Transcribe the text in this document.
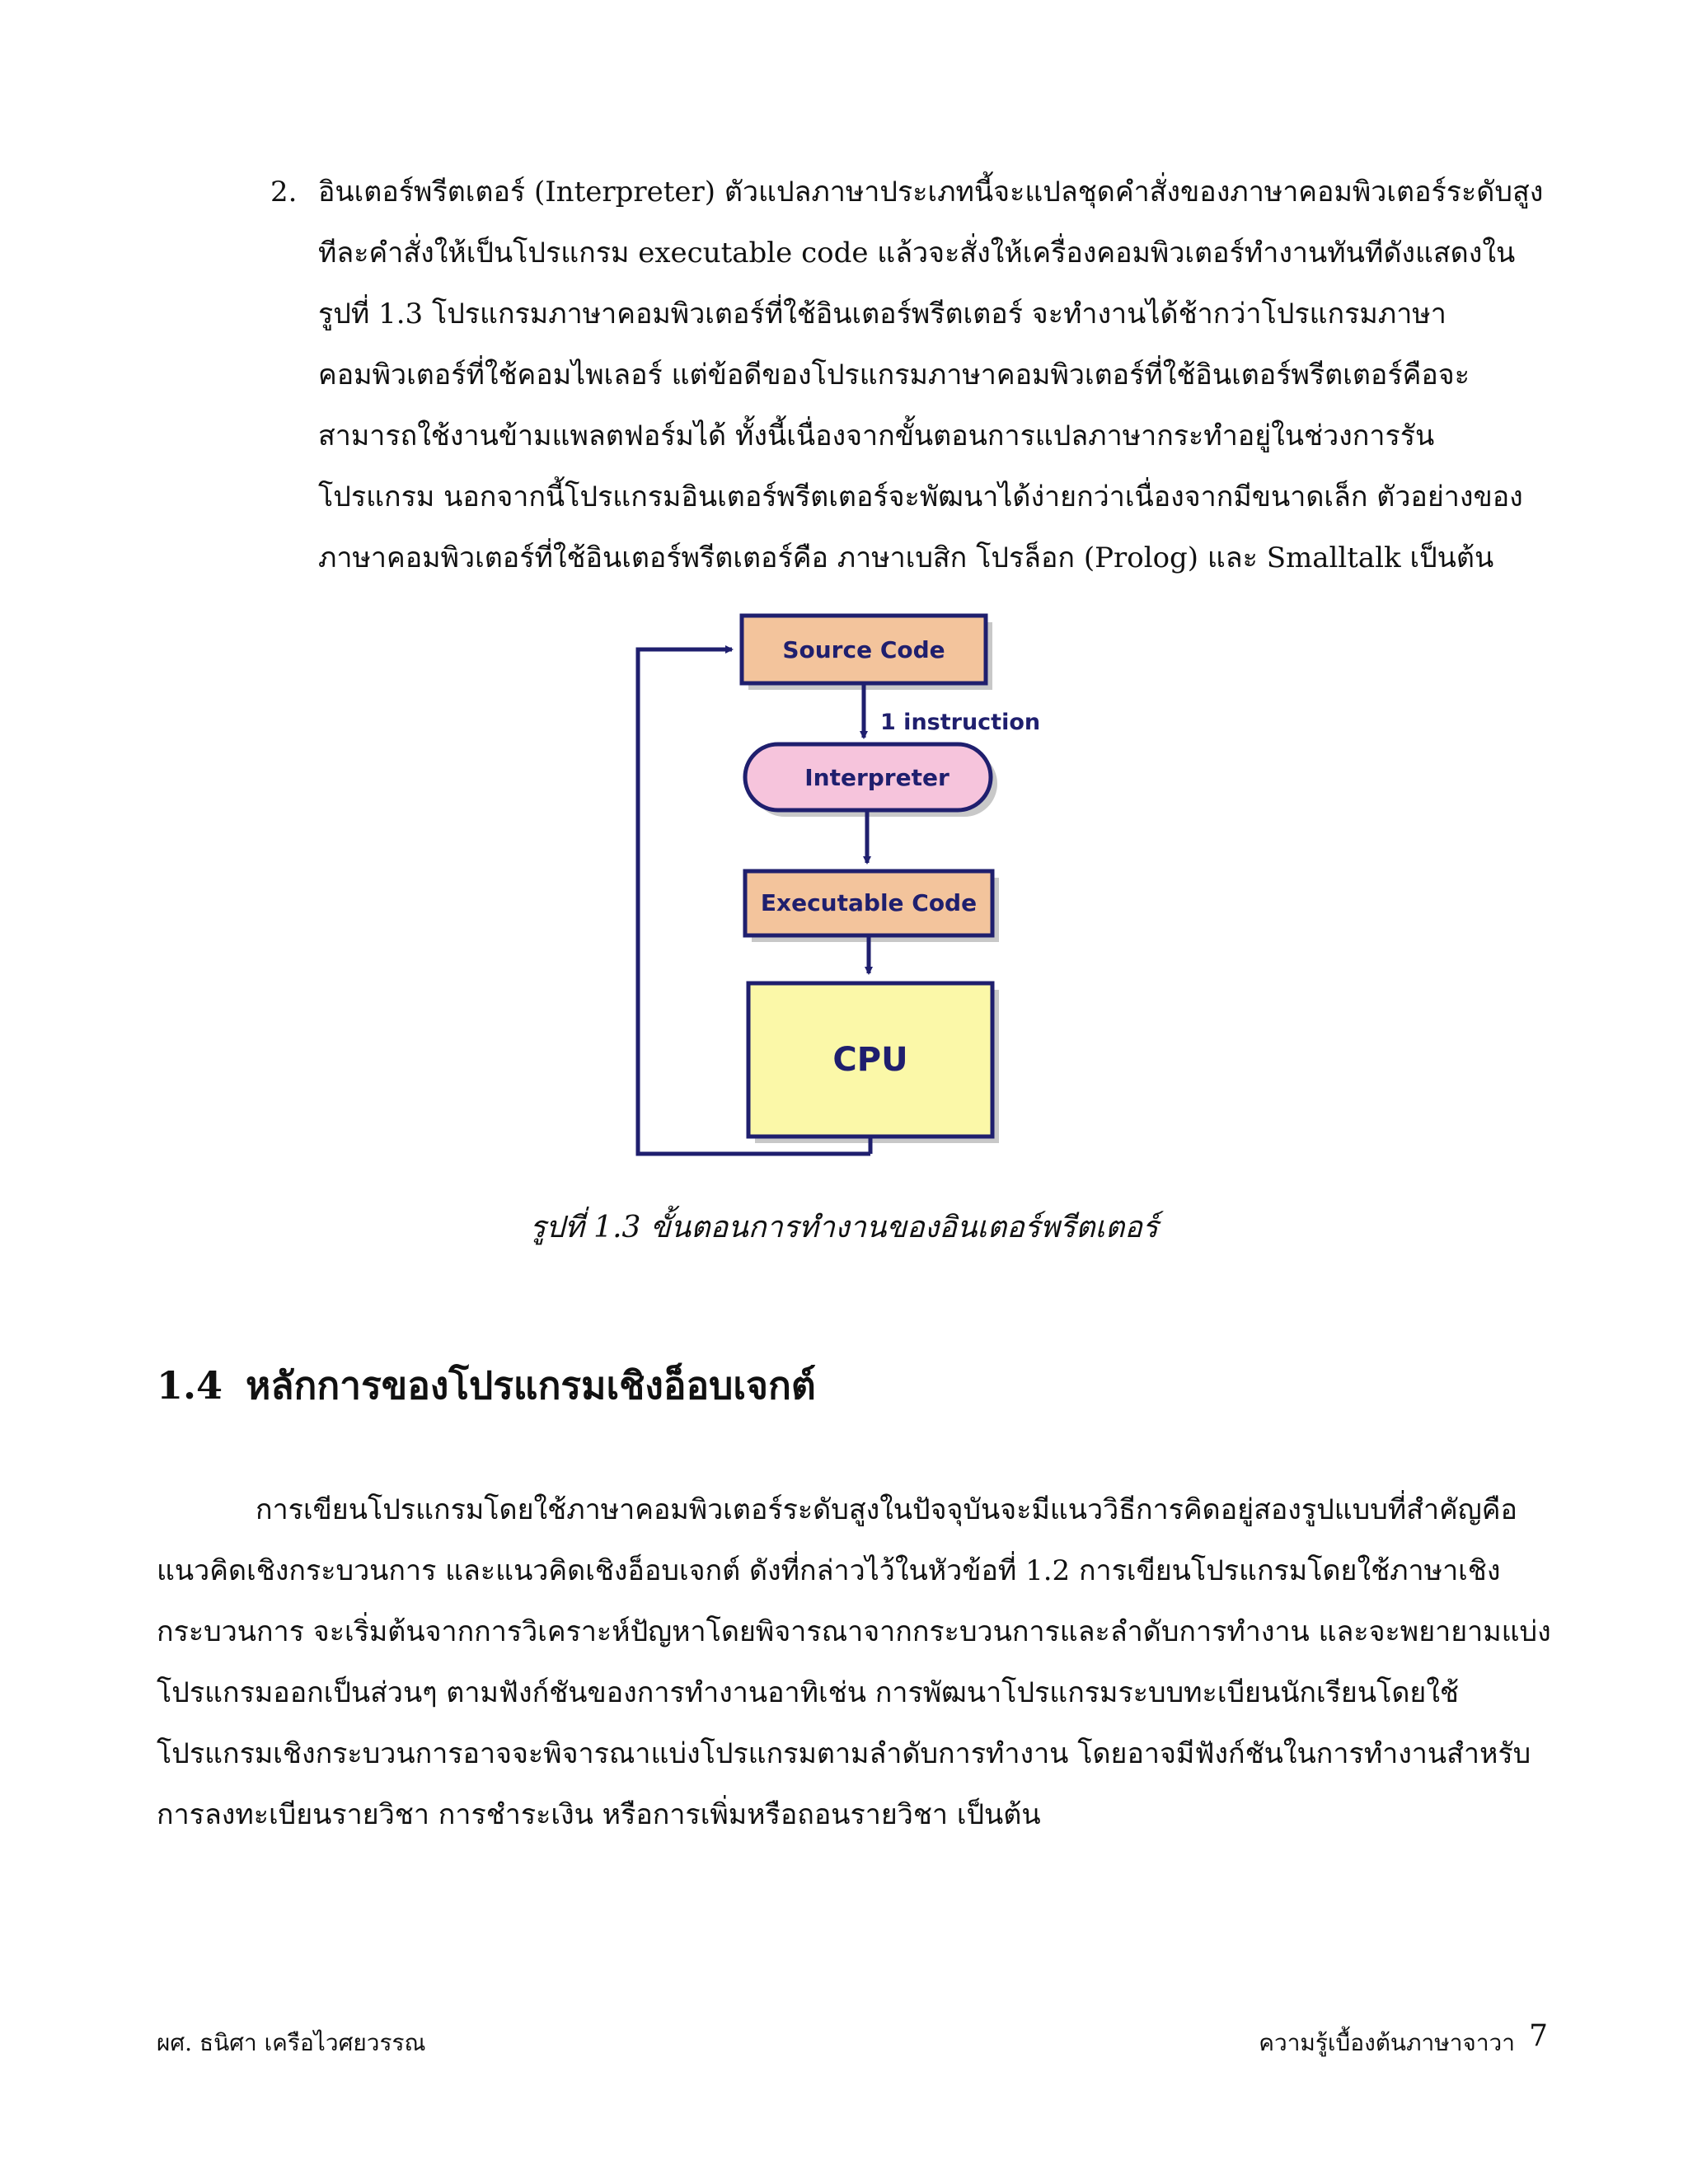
2. อินเตอร์พรีตเตอร์ (Interpreter) ตัวแปลภาษาประเภทนี้จะแปลชุดคำสั่งของภาษาคอมพิวเตอร์ระดับสูง
ทีละคำสั่งให้เป็นโปรแกรม executable code แล้วจะสั่งให้เครื่องคอมพิวเตอร์ทำงานทันทีดังแสดงใน
รูปที่ 1.3 โปรแกรมภาษาคอมพิวเตอร์ที่ใช้อินเตอร์พรีตเตอร์ จะทำงานได้ช้ากว่าโปรแกรมภาษา
คอมพิวเตอร์ที่ใช้คอมไพเลอร์ แต่ข้อดีของโปรแกรมภาษาคอมพิวเตอร์ที่ใช้อินเตอร์พรีตเตอร์คือจะ
สามารถใช้งานข้ามแพลตฟอร์มได้ ทั้งนี้เนื่องจากขั้นตอนการแปลภาษากระทำอยู่ในช่วงการรัน
โปรแกรม นอกจากนี้โปรแกรมอินเตอร์พรีตเตอร์จะพัฒนาได้ง่ายกว่าเนื่องจากมีขนาดเล็ก ตัวอย่างของ
ภาษาคอมพิวเตอร์ที่ใช้อินเตอร์พรีตเตอร์คือ ภาษาเบสิก โปรล็อก (Prolog) และ Smalltalk เป็นต้น
Source Code
1 instruction
Interpreter
Executable Code
CPU
รูปที่ 1.3 ขั้นตอนการทำงานของอินเตอร์พรีตเตอร์
1.4 หลักการของโปรแกรมเชิงอ็อบเจกต์
การเขียนโปรแกรมโดยใช้ภาษาคอมพิวเตอร์ระดับสูงในปัจจุบันจะมีแนววิธีการคิดอยู่สองรูปแบบที่สำคัญคือ
แนวคิดเชิงกระบวนการ และแนวคิดเชิงอ็อบเจกต์ ดังที่กล่าวไว้ในหัวข้อที่ 1.2 การเขียนโปรแกรมโดยใช้ภาษาเชิง
กระบวนการ จะเริ่มต้นจากการวิเคราะห์ปัญหาโดยพิจารณาจากกระบวนการและลำดับการทำงาน และจะพยายามแบ่ง
โปรแกรมออกเป็นส่วนๆ ตามฟังก์ชันของการทำงานอาทิเช่น การพัฒนาโปรแกรมระบบทะเบียนนักเรียนโดยใช้
โปรแกรมเชิงกระบวนการอาจจะพิจารณาแบ่งโปรแกรมตามลำดับการทำงาน โดยอาจมีฟังก์ชันในการทำงานสำหรับ
การลงทะเบียนรายวิชา การชำระเงิน หรือการเพิ่มหรือถอนรายวิชา เป็นต้น
ผศ. ธนิศา เครือไวศยวรรณ	ความรู้เบื้องต้นภาษาจาวา 7
